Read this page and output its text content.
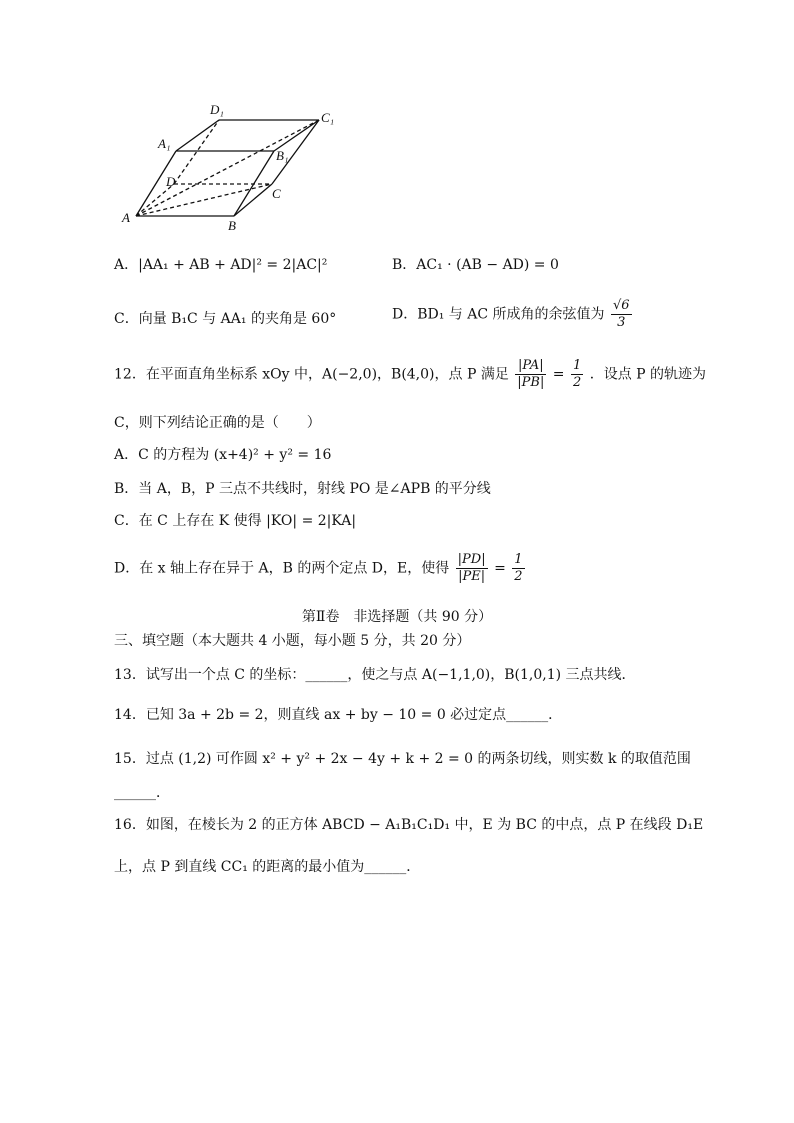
D₁
C₁
A₁
B₁
D
C
A
B
A．|AA₁ + AB + AD|² = 2|AC|²	B．AC₁ · (AB − AD) = 0
C．向量 B₁C 与 AA₁ 的夹角是 60°	D．BD₁ 与 AC 所成角的余弦值为 $\frac{√6}{3}$
12．在平面直角坐标系 xOy 中，A(−2,0)，B(4,0)，点 P 满足 $\frac{|PA|}{|PB|} = \frac{1}{2}$ ．设点 P 的轨迹为
C，则下列结论正确的是（　　）
A．C 的方程为 (x+4)² + y² = 16
B．当 A，B，P 三点不共线时，射线 PO 是∠APB 的平分线
C．在 C 上存在 K 使得 |KO| = 2|KA|
D．在 x 轴上存在异于 A，B 的两个定点 D，E，使得 $\frac{|PD|}{|PE|} = \frac{1}{2}$
第Ⅱ卷　非选择题（共 90 分）
三、填空题（本大题共 4 小题，每小题 5 分，共 20 分）
13．试写出一个点 C 的坐标：______，使之与点 A(−1,1,0)，B(1,0,1) 三点共线．
14．已知 3a + 2b = 2，则直线 ax + by − 10 = 0 必过定点______．
15．过点 (1,2) 可作圆 x² + y² + 2x − 4y + k + 2 = 0 的两条切线，则实数 k 的取值范围
______．
16．如图，在棱长为 2 的正方体 ABCD − A₁B₁C₁D₁ 中，E 为 BC 的中点，点 P 在线段 D₁E
上，点 P 到直线 CC₁ 的距离的最小值为______．
